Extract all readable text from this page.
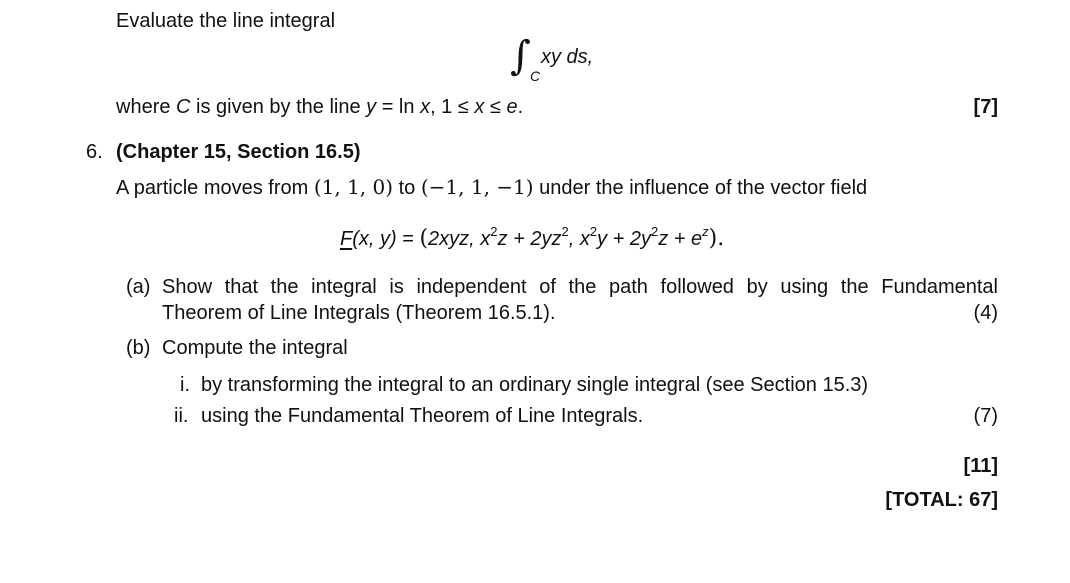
Evaluate the line integral
∫ C
xy ds,
where C is given by the line y = ln x, 1 ≤ x ≤ e.	[7]
6. (Chapter 15, Section 16.5)
A particle moves from (1, 1, 0) to (−1, 1, −1) under the influence of the vector field
F(x, y) = (2xyz, $x^2z + 2yz^2$, $x^2y + 2y^2z + e^z$).
(a) Show that the integral is independent of the path followed by using the Fundamental
Theorem of Line Integrals (Theorem 16.5.1).	(4)
(b) Compute the integral
i. by transforming the integral to an ordinary single integral (see Section 15.3)
ii. using the Fundamental Theorem of Line Integrals.	(7)
[11]
[TOTAL: 67]
